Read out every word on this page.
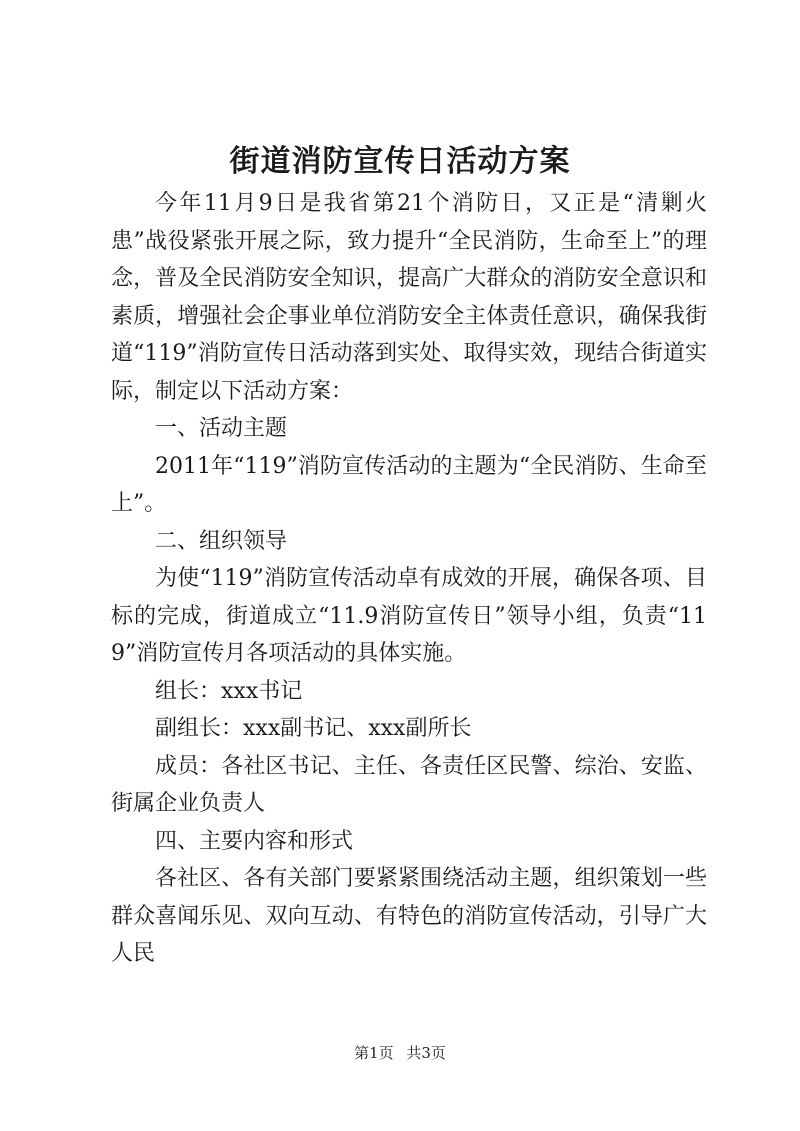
街道消防宣传日活动方案

今年11月9日是我省第21个消防日，又正是“清剿火患”战役紧张开展之际，致力提升“全民消防，生命至上”的理念，普及全民消防安全知识，提高广大群众的消防安全意识和素质，增强社会企事业单位消防安全主体责任意识，确保我街道“119”消防宣传日活动落到实处、取得实效，现结合街道实际，制定以下活动方案：

一、活动主题

2011年“119”消防宣传活动的主题为“全民消防、生命至上”。

二、组织领导

为使“119”消防宣传活动卓有成效的开展，确保各项、目标的完成，街道成立“11.9消防宣传日”领导小组，负责“119”消防宣传月各项活动的具体实施。

组长：xxx书记

副组长：xxx副书记、xxx副所长

成员：各社区书记、主任、各责任区民警、综治、安监、街属企业负责人

四、主要内容和形式

各社区、各有关部门要紧紧围绕活动主题，组织策划一些群众喜闻乐见、双向互动、有特色的消防宣传活动，引导广大人民

第1页 共3页
